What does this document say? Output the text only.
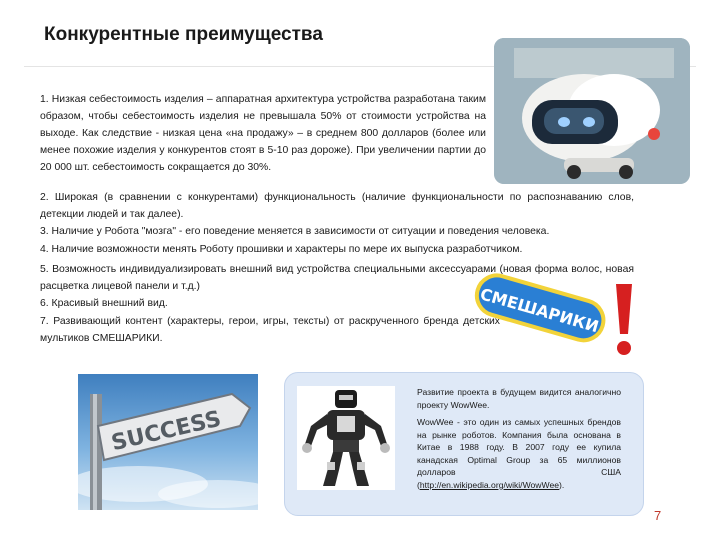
Конкурентные преимущества

1. Низкая себестоимость изделия – аппаратная архитектура устройства разработана таким образом, чтобы себестоимость изделия не превышала 50% от стоимости устройства на выходе. Как следствие - низкая цена «на продажу» – в среднем 800 долларов (более или менее похожие изделия у конкурентов стоят в 5-10 раз дороже). При увеличении партии до 20 000 шт. себестоимость сокращается до 30%.

2. Широкая (в сравнении с конкурентами) функциональность (наличие функциональности по распознаванию слов, детекции людей и так далее).

3. Наличие у Робота "мозга" - его поведение меняется в зависимости от ситуации и поведения человека.

4. Наличие возможности менять Роботу прошивки и характеры по мере их выпуска разработчиком.

5. Возможность индивидуализировать внешний вид устройства специальными аксессуарами (новая форма волос, новая расцветка лицевой панели и т.д.)

6. Красивый внешний вид.

7. Развивающий контент (характеры, герои, игры, тексты) от раскрученного бренда детских мультиков СМЕШАРИКИ.

СМЕШАРИКИ
SUCCESS

Развитие проекта в будущем видится аналогично проекту WowWee.

WowWee - это один из самых успешных брендов на рынке роботов. Компания была основана в Китае в 1988 году. В 2007 году ее купила канадская Optimal Group за 65 миллионов долларов США (http://en.wikipedia.org/wiki/WowWee).

7
